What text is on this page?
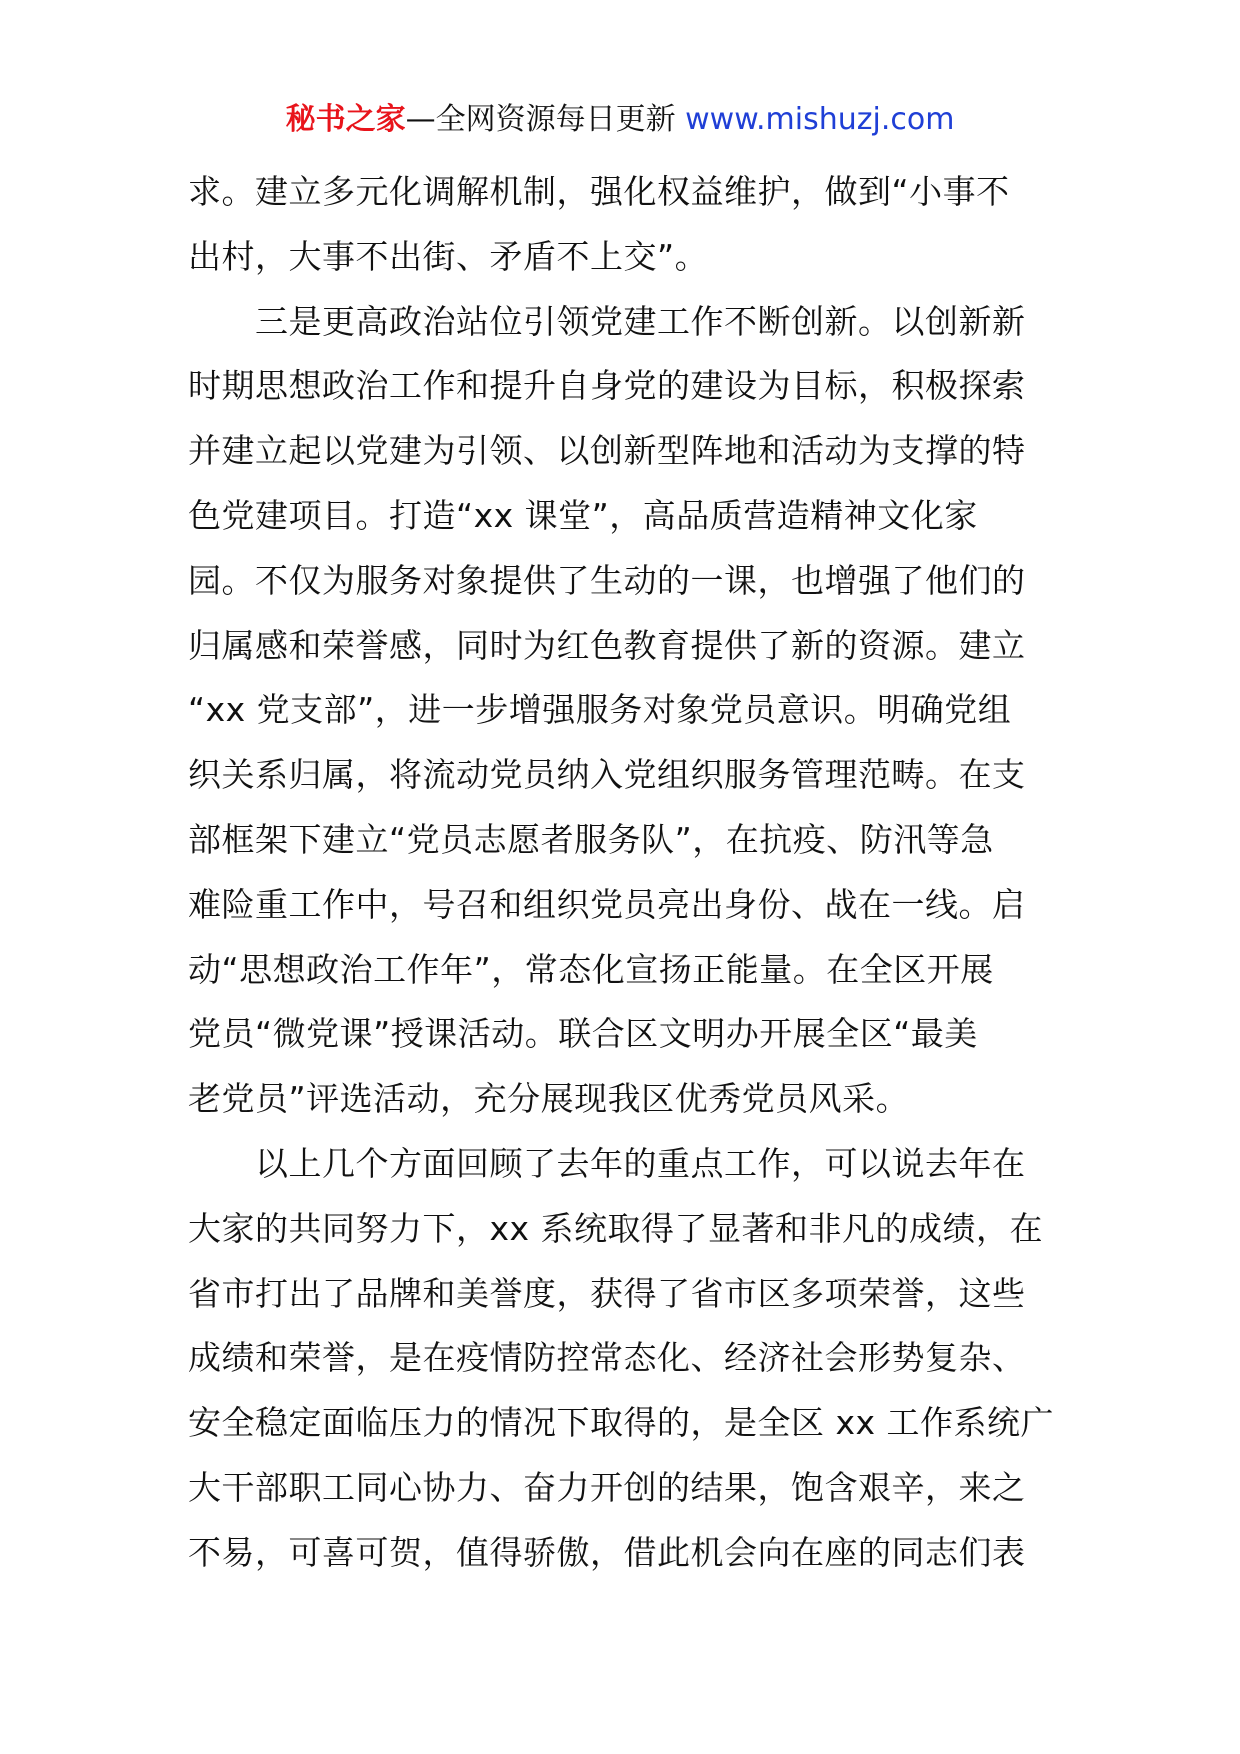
秘书之家—全网资源每日更新 www.mishuzj.com
求。建立多元化调解机制，强化权益维护，做到“小事不
出村，大事不出街、矛盾不上交”。
三是更高政治站位引领党建工作不断创新。以创新新
时期思想政治工作和提升自身党的建设为目标，积极探索
并建立起以党建为引领、以创新型阵地和活动为支撑的特
色党建项目。打造“xx 课堂”，高品质营造精神文化家
园。不仅为服务对象提供了生动的一课，也增强了他们的
归属感和荣誉感，同时为红色教育提供了新的资源。建立
“xx 党支部”，进一步增强服务对象党员意识。明确党组
织关系归属，将流动党员纳入党组织服务管理范畴。在支
部框架下建立“党员志愿者服务队”，在抗疫、防汛等急
难险重工作中，号召和组织党员亮出身份、战在一线。启
动“思想政治工作年”，常态化宣扬正能量。在全区开展
党员“微党课”授课活动。联合区文明办开展全区“最美
老党员”评选活动，充分展现我区优秀党员风采。
以上几个方面回顾了去年的重点工作，可以说去年在
大家的共同努力下，xx 系统取得了显著和非凡的成绩，在
省市打出了品牌和美誉度，获得了省市区多项荣誉，这些
成绩和荣誉，是在疫情防控常态化、经济社会形势复杂、
安全稳定面临压力的情况下取得的，是全区 xx 工作系统广
大干部职工同心协力、奋力开创的结果，饱含艰辛，来之
不易，可喜可贺，值得骄傲，借此机会向在座的同志们表
